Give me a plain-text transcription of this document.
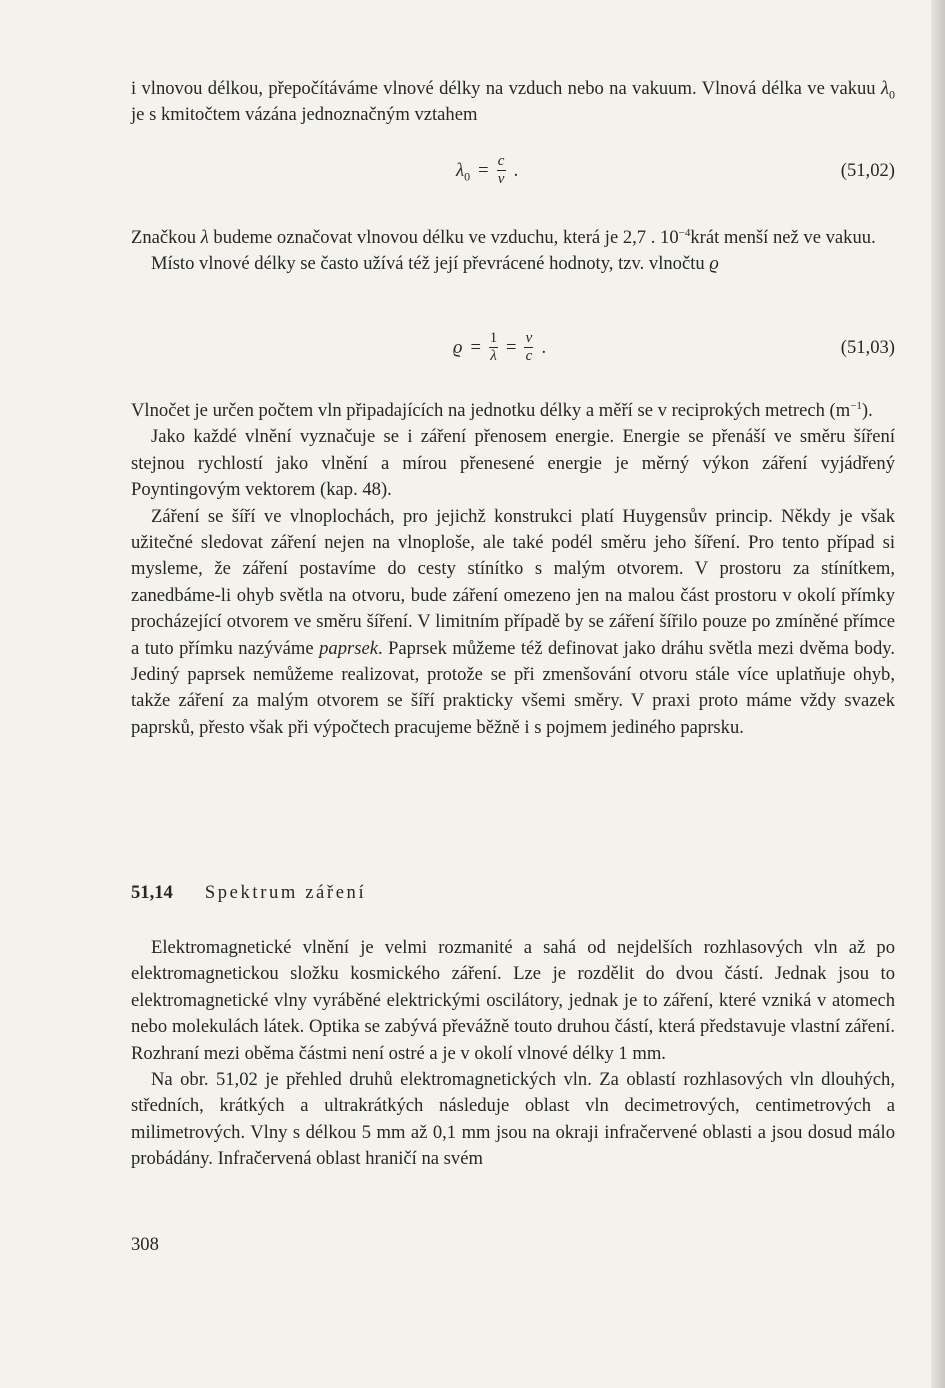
i vlnovou délkou, přepočítáváme vlnové délky na vzduch nebo na vakuum. Vlnová délka ve vakuu $\lambda_0$ je s kmitočtem vázána jednoznačným vztahem

$\lambda_0 = \frac{c}{\nu}$ .	(51,02)

Značkou λ budeme označovat vlnovou délku ve vzduchu, která je 2,7 . $10^{-4}krát$ menší než ve vakuu.

Místo vlnové délky se často užívá též její převrácené hodnoty, tzv. vlnočtu ϱ

$ϱ = \frac{1}{\lambda} = \frac{\nu}{c}$ .	(51,03)

Vlnočet je určen počtem vln připadajících na jednotku délky a měří se v reciprokých metrech $(m^{-1})$.

Jako každé vlnění vyznačuje se i záření přenosem energie. Energie se přenáší ve směru šíření stejnou rychlostí jako vlnění a mírou přenesené energie je měrný výkon záření vyjádřený Poyntingovým vektorem (kap. 48).

Záření se šíří ve vlnoplochách, pro jejichž konstrukci platí Huygensův princip. Někdy je však užitečné sledovat záření nejen na vlnoploše, ale také podél směru jeho šíření. Pro tento případ si mysleme, že záření postavíme do cesty stínítko s malým otvorem. V prostoru za stínítkem, zanedbáme-li ohyb světla na otvoru, bude záření omezeno jen na malou část prostoru v okolí přímky procházející otvorem ve směru šíření. V limitním případě by se záření šířilo pouze po zmíněné přímce a tuto přímku nazýváme paprsek. Paprsek můžeme též definovat jako dráhu světla mezi dvěma body. Jediný paprsek nemůžeme realizovat, protože se při zmenšování otvoru stále více uplatňuje ohyb, takže záření za malým otvorem se šíří prakticky všemi směry. V praxi proto máme vždy svazek paprsků, přesto však při výpočtech pracujeme běžně i s pojmem jediného paprsku.

51,14 Spektrum záření

Elektromagnetické vlnění je velmi rozmanité a sahá od nejdelších rozhlasových vln až po elektromagnetickou složku kosmického záření. Lze je rozdělit do dvou částí. Jednak jsou to elektromagnetické vlny vyráběné elektrickými oscilátory, jednak je to záření, které vzniká v atomech nebo molekulách látek. Optika se zabývá převážně touto druhou částí, která představuje vlastní záření. Rozhraní mezi oběma částmi není ostré a je v okolí vlnové délky 1 mm.

Na obr. 51,02 je přehled druhů elektromagnetických vln. Za oblastí rozhlasových vln dlouhých, středních, krátkých a ultrakrátkých následuje oblast vln decimetrových, centimetrových a milimetrových. Vlny s délkou 5 mm až 0,1 mm jsou na okraji infračervené oblasti a jsou dosud málo probádány. Infračervená oblast hraničí na svém

308
